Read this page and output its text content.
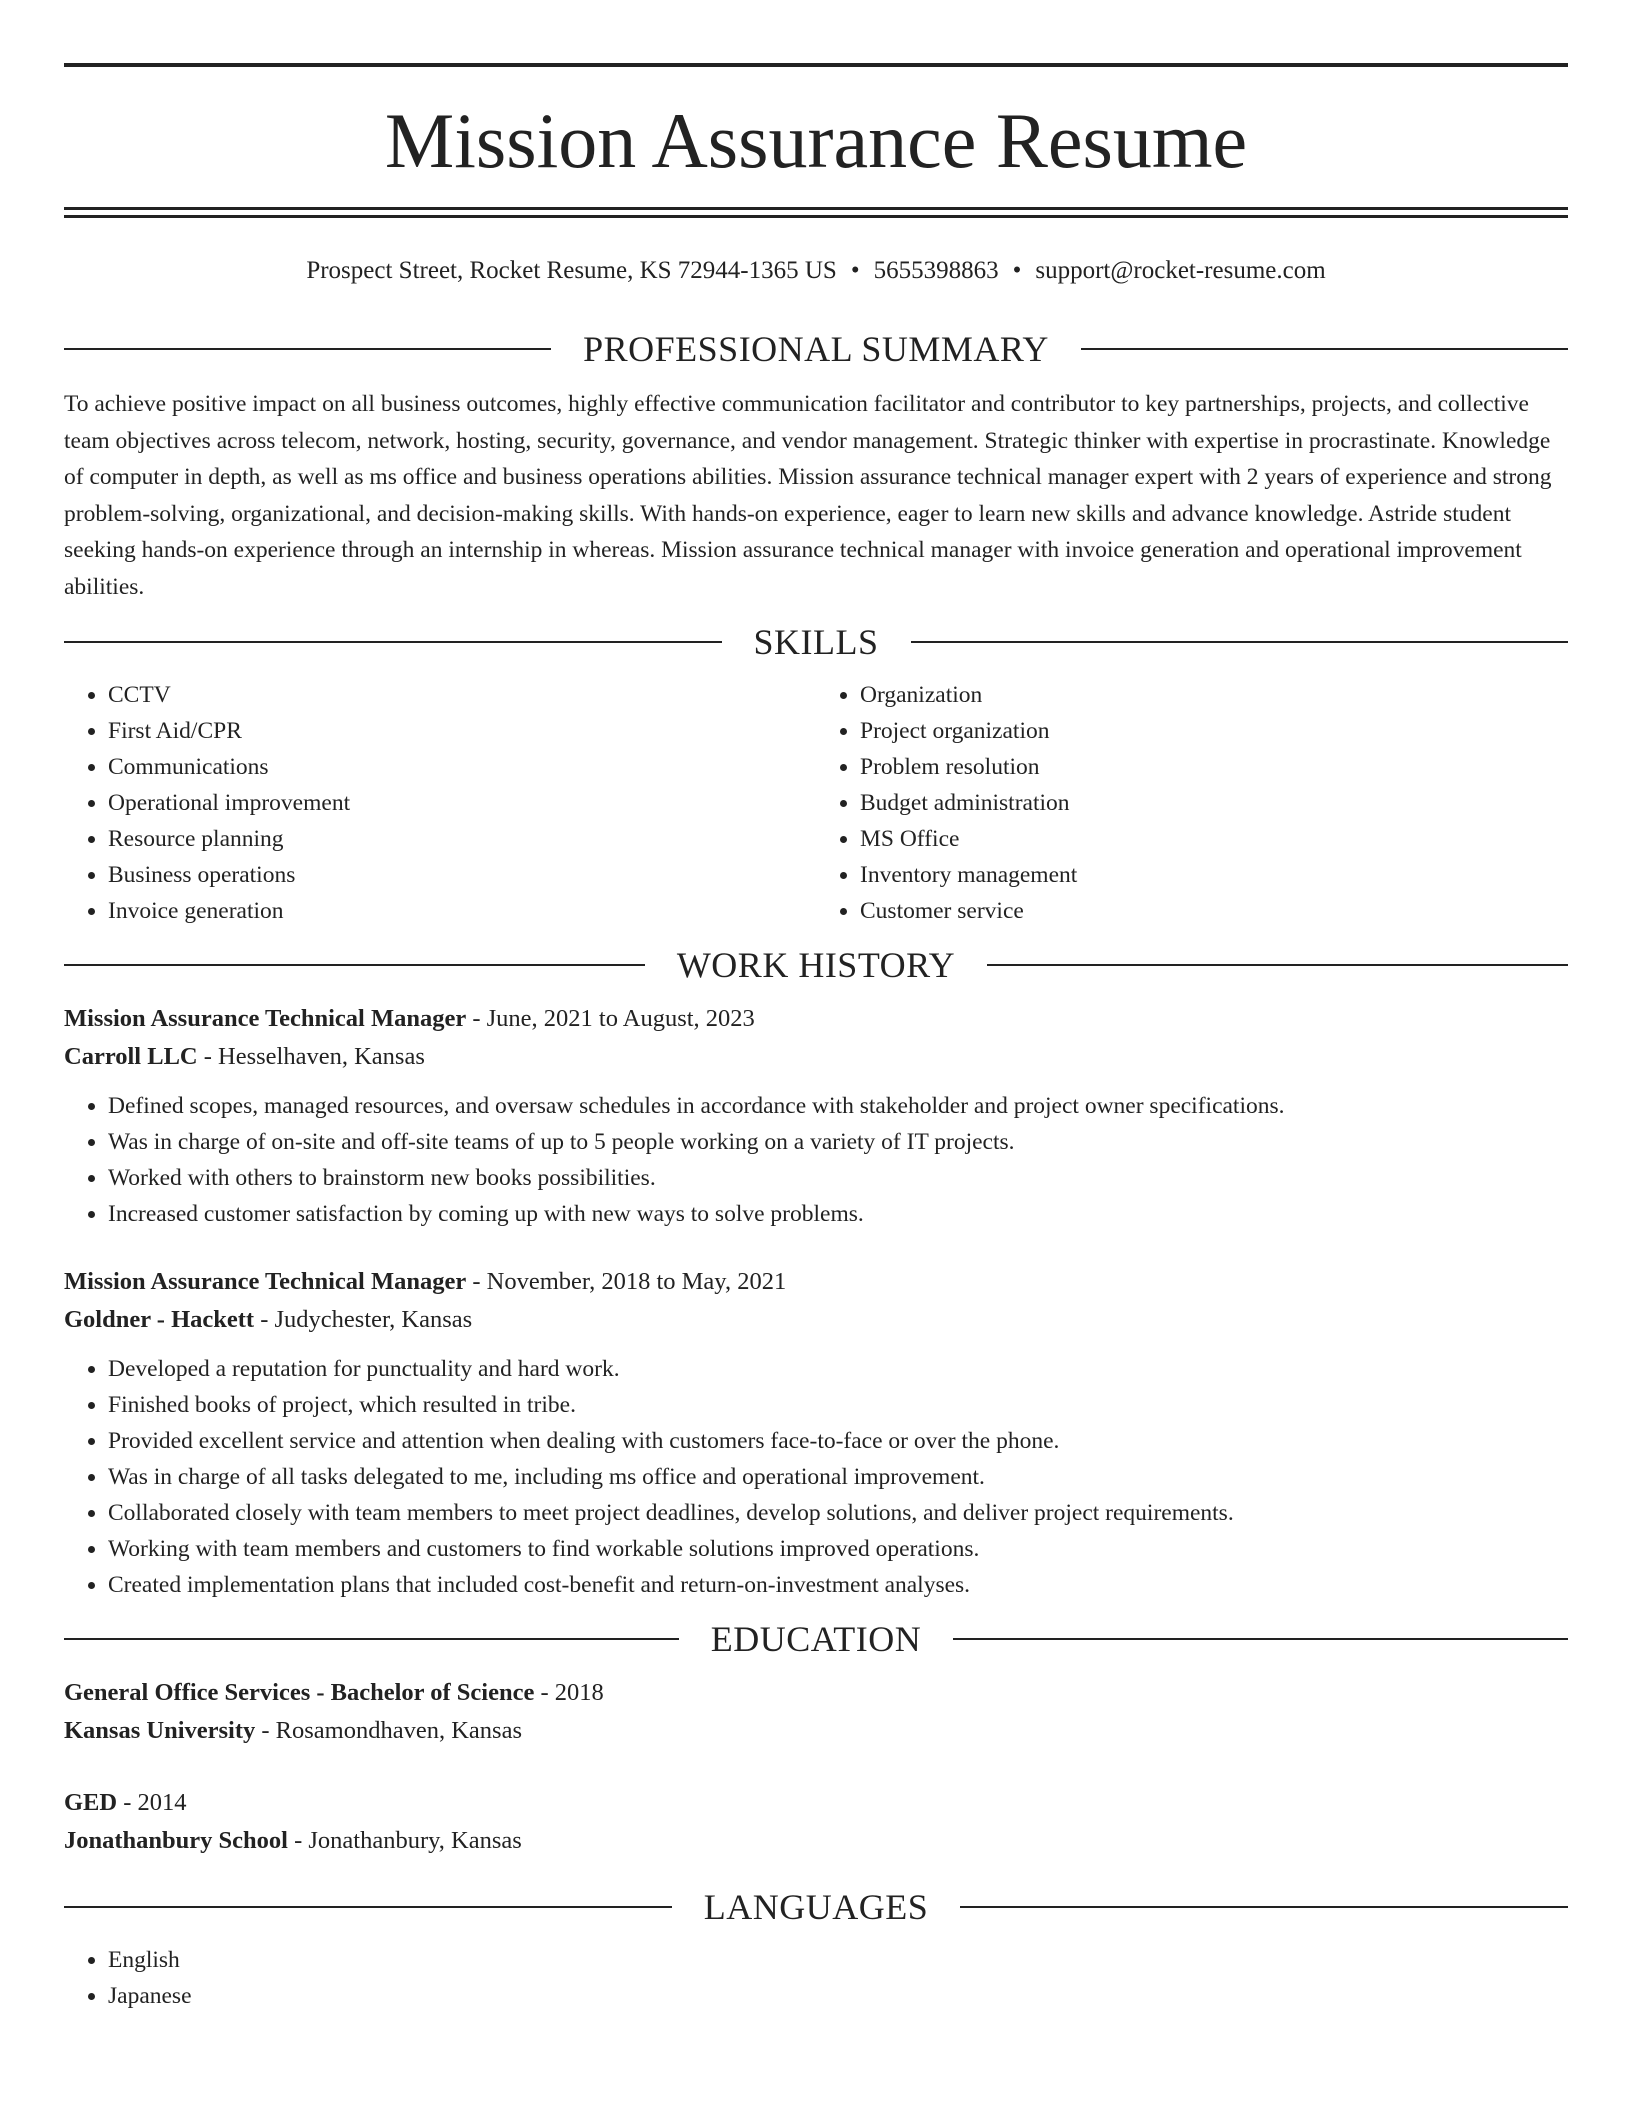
Mission Assurance Resume
Prospect Street, Rocket Resume, KS 72944-1365 US • 5655398863 • support@rocket-resume.com
PROFESSIONAL SUMMARY

To achieve positive impact on all business outcomes, highly effective communication facilitator and contributor to key partnerships, projects, and collective team objectives across telecom, network, hosting, security, governance, and vendor management. Strategic thinker with expertise in procrastinate. Knowledge of computer in depth, as well as ms office and business operations abilities. Mission assurance technical manager expert with 2 years of experience and strong problem-solving, organizational, and decision-making skills. With hands-on experience, eager to learn new skills and advance knowledge. Astride student seeking hands-on experience through an internship in whereas. Mission assurance technical manager with invoice generation and operational improvement abilities.

SKILLS
• CCTV
• First Aid/CPR
• Communications
• Operational improvement
• Resource planning
• Business operations
• Invoice generation
• Organization
• Project organization
• Problem resolution
• Budget administration
• MS Office
• Inventory management
• Customer service
WORK HISTORY
Mission Assurance Technical Manager - June, 2021 to August, 2023
Carroll LLC - Hesselhaven, Kansas
• Defined scopes, managed resources, and oversaw schedules in accordance with stakeholder and project owner specifications.
• Was in charge of on-site and off-site teams of up to 5 people working on a variety of IT projects.
• Worked with others to brainstorm new books possibilities.
• Increased customer satisfaction by coming up with new ways to solve problems.
Mission Assurance Technical Manager - November, 2018 to May, 2021
Goldner - Hackett - Judychester, Kansas
• Developed a reputation for punctuality and hard work.
• Finished books of project, which resulted in tribe.
• Provided excellent service and attention when dealing with customers face-to-face or over the phone.
• Was in charge of all tasks delegated to me, including ms office and operational improvement.
• Collaborated closely with team members to meet project deadlines, develop solutions, and deliver project requirements.
• Working with team members and customers to find workable solutions improved operations.
• Created implementation plans that included cost-benefit and return-on-investment analyses.
EDUCATION
General Office Services - Bachelor of Science - 2018
Kansas University - Rosamondhaven, Kansas
GED - 2014
Jonathanbury School - Jonathanbury, Kansas
LANGUAGES
• English
• Japanese
